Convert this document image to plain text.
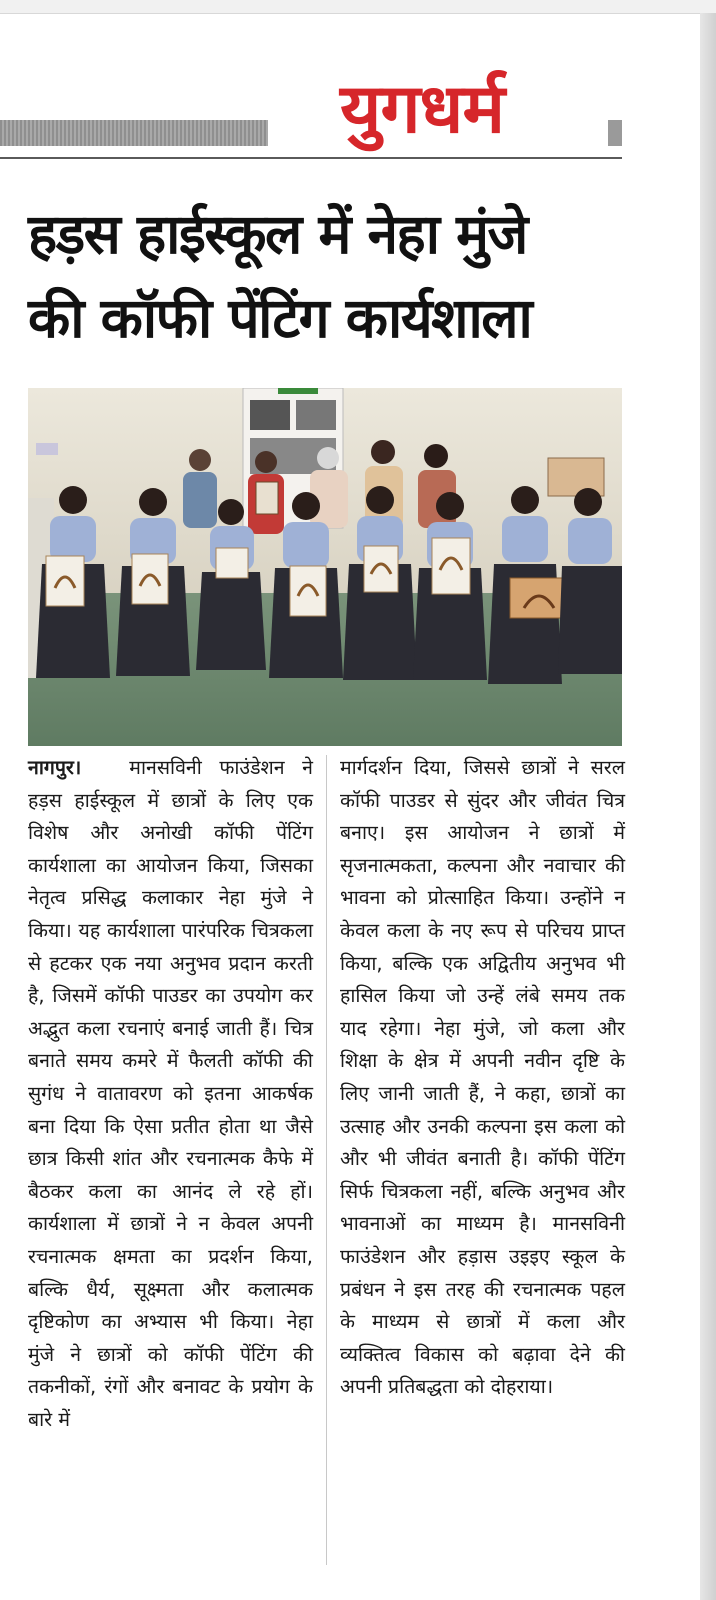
युगधर्म
हड़स हाईस्कूल में नेहा मुंजे
की कॉफी पेंटिंग कार्यशाला

नागपुर। मानसविनी फाउंडेशन ने हड़स हाईस्कूल में छात्रों के लिए एक विशेष और अनोखी कॉफी पेंटिंग कार्यशाला का आयोजन किया, जिसका नेतृत्व प्रसिद्ध कलाकार नेहा मुंजे ने किया। यह कार्यशाला पारंपरिक चित्रकला से हटकर एक नया अनुभव प्रदान करती है, जिसमें कॉफी पाउडर का उपयोग कर अद्भुत कला रचनाएं बनाई जाती हैं। चित्र बनाते समय कमरे में फैलती कॉफी की सुगंध ने वातावरण को इतना आकर्षक बना दिया कि ऐसा प्रतीत होता था जैसे छात्र किसी शांत और रचनात्मक कैफे में बैठकर कला का आनंद ले रहे हों। कार्यशाला में छात्रों ने न केवल अपनी रचनात्मक क्षमता का प्रदर्शन किया, बल्कि धैर्य, सूक्ष्मता और कलात्मक दृष्टिकोण का अभ्यास भी किया। नेहा मुंजे ने छात्रों को कॉफी पेंटिंग की तकनीकों, रंगों और बनावट के प्रयोग के बारे में

मार्गदर्शन दिया, जिससे छात्रों ने सरल कॉफी पाउडर से सुंदर और जीवंत चित्र बनाए। इस आयोजन ने छात्रों में सृजनात्मकता, कल्पना और नवाचार की भावना को प्रोत्साहित किया। उन्होंने न केवल कला के नए रूप से परिचय प्राप्त किया, बल्कि एक अद्वितीय अनुभव भी हासिल किया जो उन्हें लंबे समय तक याद रहेगा। नेहा मुंजे, जो कला और शिक्षा के क्षेत्र में अपनी नवीन दृष्टि के लिए जानी जाती हैं, ने कहा, छात्रों का उत्साह और उनकी कल्पना इस कला को और भी जीवंत बनाती है। कॉफी पेंटिंग सिर्फ चित्रकला नहीं, बल्कि अनुभव और भावनाओं का माध्यम है। मानसविनी फाउंडेशन और हड़ास उइइए स्कूल के प्रबंधन ने इस तरह की रचनात्मक पहल के माध्यम से छात्रों में कला और व्यक्तित्व विकास को बढ़ावा देने की अपनी प्रतिबद्धता को दोहराया।
